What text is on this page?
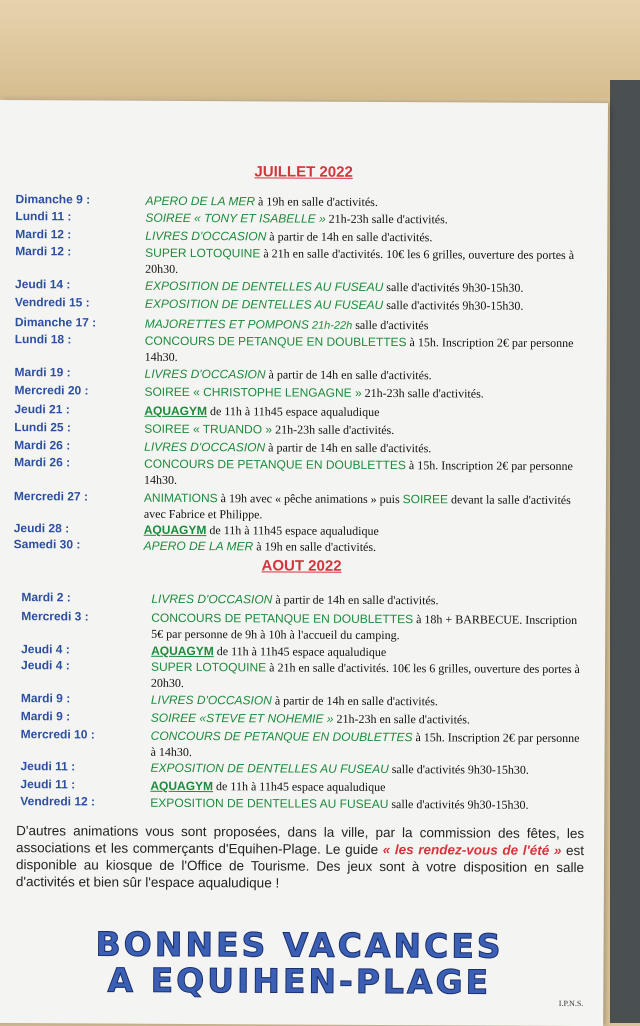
JUILLET 2022
Dimanche 9 :	APERO DE LA MER à 19h en salle d'activités.
Lundi 11 :	SOIREE « TONY ET ISABELLE » 21h-23h salle d'activités.
Mardi 12 :	LIVRES D'OCCASION à partir de 14h en salle d'activités.
Mardi 12 :	SUPER LOTOQUINE à 21h en salle d'activités. 10€ les 6 grilles, ouverture des portes à 20h30.
Jeudi 14 :	EXPOSITION DE DENTELLES AU FUSEAU salle d'activités 9h30-15h30.
Vendredi 15 :	EXPOSITION DE DENTELLES AU FUSEAU salle d'activités 9h30-15h30.
Dimanche 17 :	MAJORETTES ET POMPONS 21h-22h salle d'activités
Lundi 18 :	CONCOURS DE PETANQUE EN DOUBLETTES à 15h. Inscription 2€ par personne 14h30.
Mardi 19 :	LIVRES D'OCCASION à partir de 14h en salle d'activités.
Mercredi 20 :	SOIREE « CHRISTOPHE LENGAGNE » 21h-23h salle d'activités.
Jeudi 21 :	AQUAGYM de 11h à 11h45 espace aqualudique
Lundi 25 :	SOIREE « TRUANDO » 21h-23h salle d'activités.
Mardi 26 :	LIVRES D'OCCASION à partir de 14h en salle d'activités.
Mardi 26 :	CONCOURS DE PETANQUE EN DOUBLETTES à 15h. Inscription 2€ par personne 14h30.
Mercredi 27 :	ANIMATIONS à 19h avec « pêche animations » puis SOIREE devant la salle d'activités avec Fabrice et Philippe.
Jeudi 28 :	AQUAGYM de 11h à 11h45 espace aqualudique
Samedi 30 :	APERO DE LA MER à 19h en salle d'activités.
AOUT 2022
Mardi 2 :	LIVRES D'OCCASION à partir de 14h en salle d'activités.
Mercredi 3 :	CONCOURS DE PETANQUE EN DOUBLETTES à 18h + BARBECUE. Inscription 5€ par personne de 9h à 10h à l'accueil du camping.
Jeudi 4 :	AQUAGYM de 11h à 11h45 espace aqualudique
Jeudi 4 :	SUPER LOTOQUINE à 21h en salle d'activités. 10€ les 6 grilles, ouverture des portes à 20h30.
Mardi 9 :	LIVRES D'OCCASION à partir de 14h en salle d'activités.
Mardi 9 :	SOIREE «STEVE ET NOHEMIE » 21h-23h en salle d'activités.
Mercredi 10 :	CONCOURS DE PETANQUE EN DOUBLETTES à 15h. Inscription 2€ par personne à 14h30.
Jeudi 11 :	EXPOSITION DE DENTELLES AU FUSEAU salle d'activités 9h30-15h30.
Jeudi 11 :	AQUAGYM de 11h à 11h45 espace aqualudique
Vendredi 12 :	EXPOSITION DE DENTELLES AU FUSEAU salle d'activités 9h30-15h30.
D'autres animations vous sont proposées, dans la ville, par la commission des fêtes, les associations et les commerçants d'Equihen-Plage. Le guide « les rendez-vous de l'été » est disponible au kiosque de l'Office de Tourisme. Des jeux sont à votre disposition en salle d'activités et bien sûr l'espace aqualudique !
BONNES VACANCES
A EQUIHEN-PLAGE
I.P.N.S.
